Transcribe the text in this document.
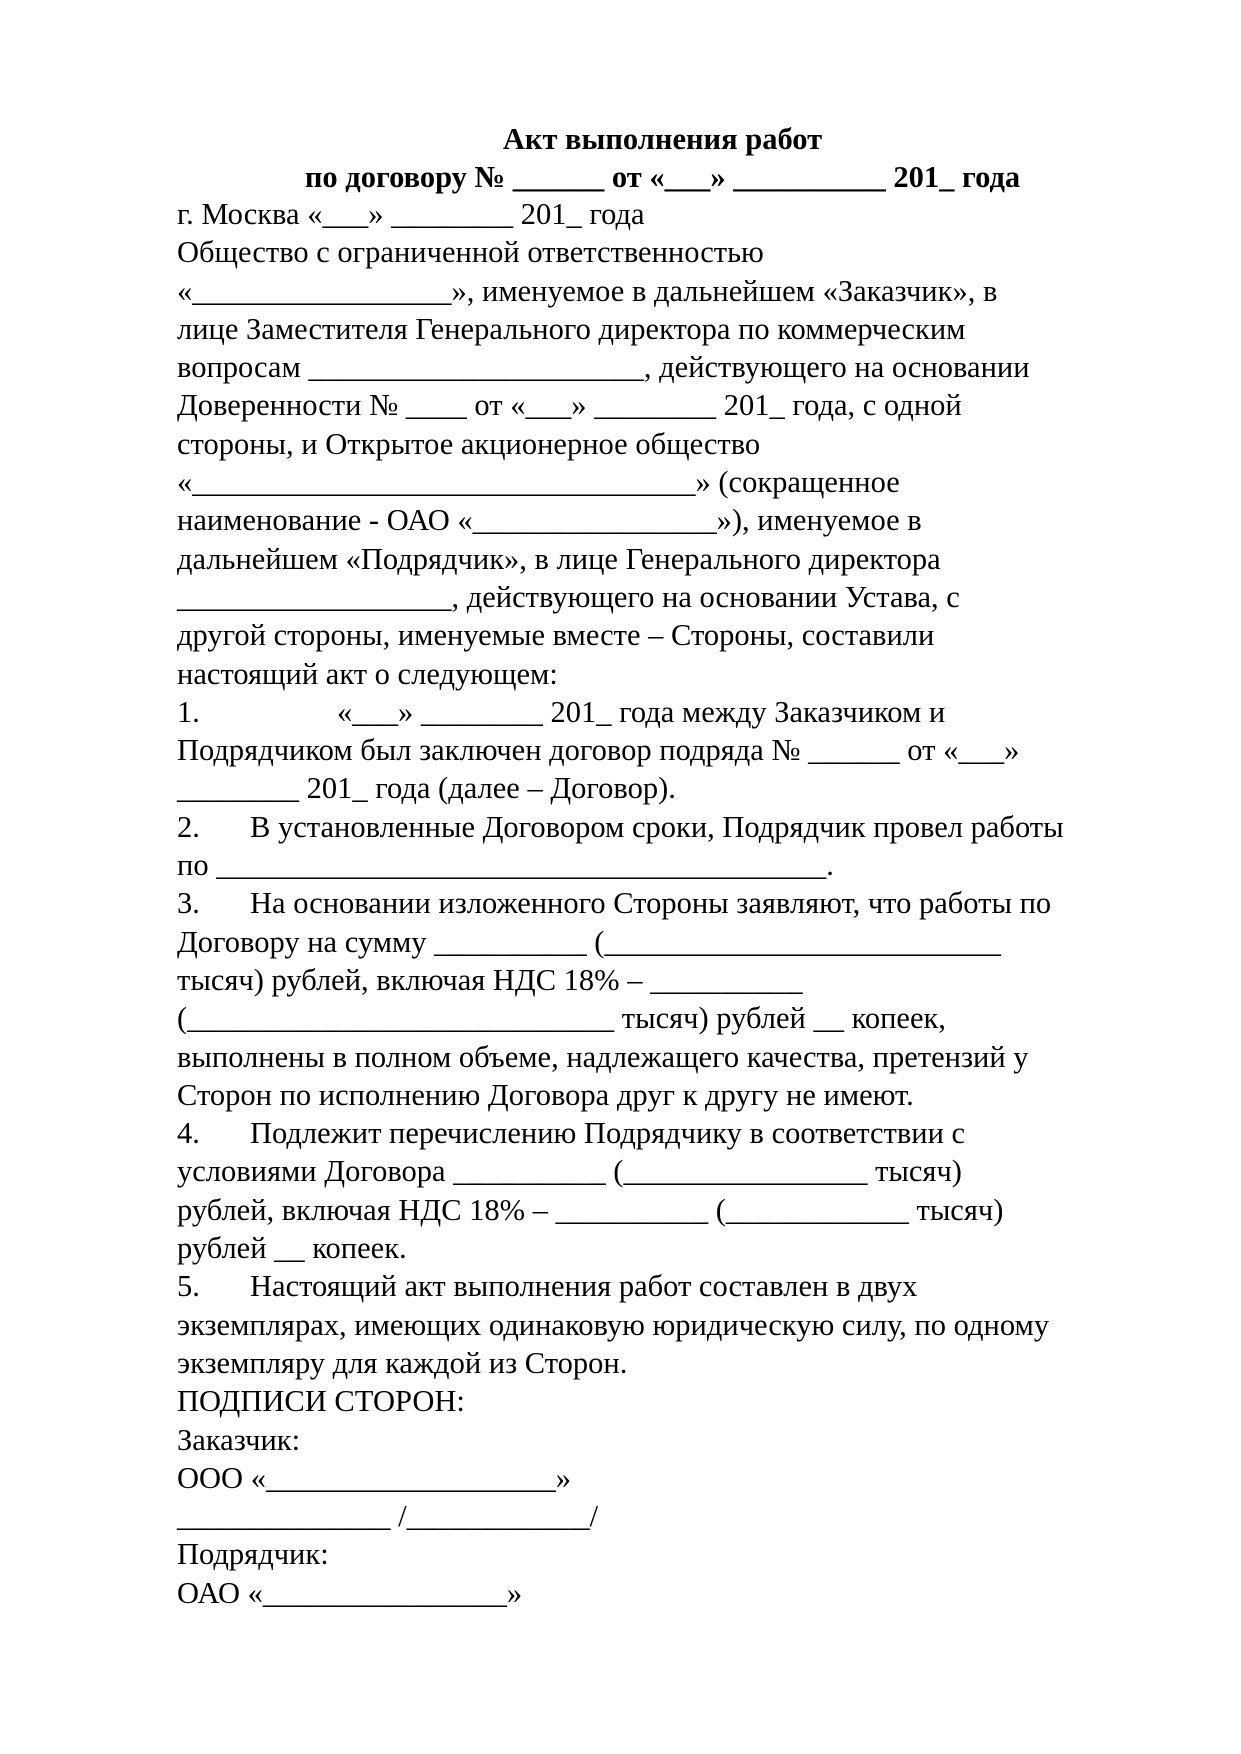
Акт выполнения работ
по договору № ______ от «___» __________ 201_ года
г. Москва «___» ________ 201_ года
Общество с ограниченной ответственностью
«_________________», именуемое в дальнейшем «Заказчик», в
лице Заместителя Генерального директора по коммерческим
вопросам ______________________, действующего на основании
Доверенности № ____ от «___» ________ 201_ года, с одной
стороны, и Открытое акционерное общество
«_________________________________» (сокращенное
наименование - ОАО «________________»), именуемое в
дальнейшем «Подрядчик», в лице Генерального директора
__________________, действующего на основании Устава, с
другой стороны, именуемые вместе – Стороны, составили
настоящий акт о следующем:
1.	«___» ________ 201_ года между Заказчиком и
Подрядчиком был заключен договор подряда № ______ от «___»
________ 201_ года (далее – Договор).
2. В установленные Договором сроки, Подрядчик провел работы
по ________________________________________.
3. На основании изложенного Стороны заявляют, что работы по
Договору на сумму __________ (__________________________
тысяч) рублей, включая НДС 18% – __________
(____________________________ тысяч) рублей __ копеек,
выполнены в полном объеме, надлежащего качества, претензий у
Сторон по исполнению Договора друг к другу не имеют.
4. Подлежит перечислению Подрядчику в соответствии с
условиями Договора __________ (________________ тысяч)
рублей, включая НДС 18% – __________ (____________ тысяч)
рублей __ копеек.
5. Настоящий акт выполнения работ составлен в двух
экземплярах, имеющих одинаковую юридическую силу, по одному
экземпляру для каждой из Сторон.
ПОДПИСИ СТОРОН:
Заказчик:
ООО «___________________»
______________ /____________/
Подрядчик:
ОАО «________________»
